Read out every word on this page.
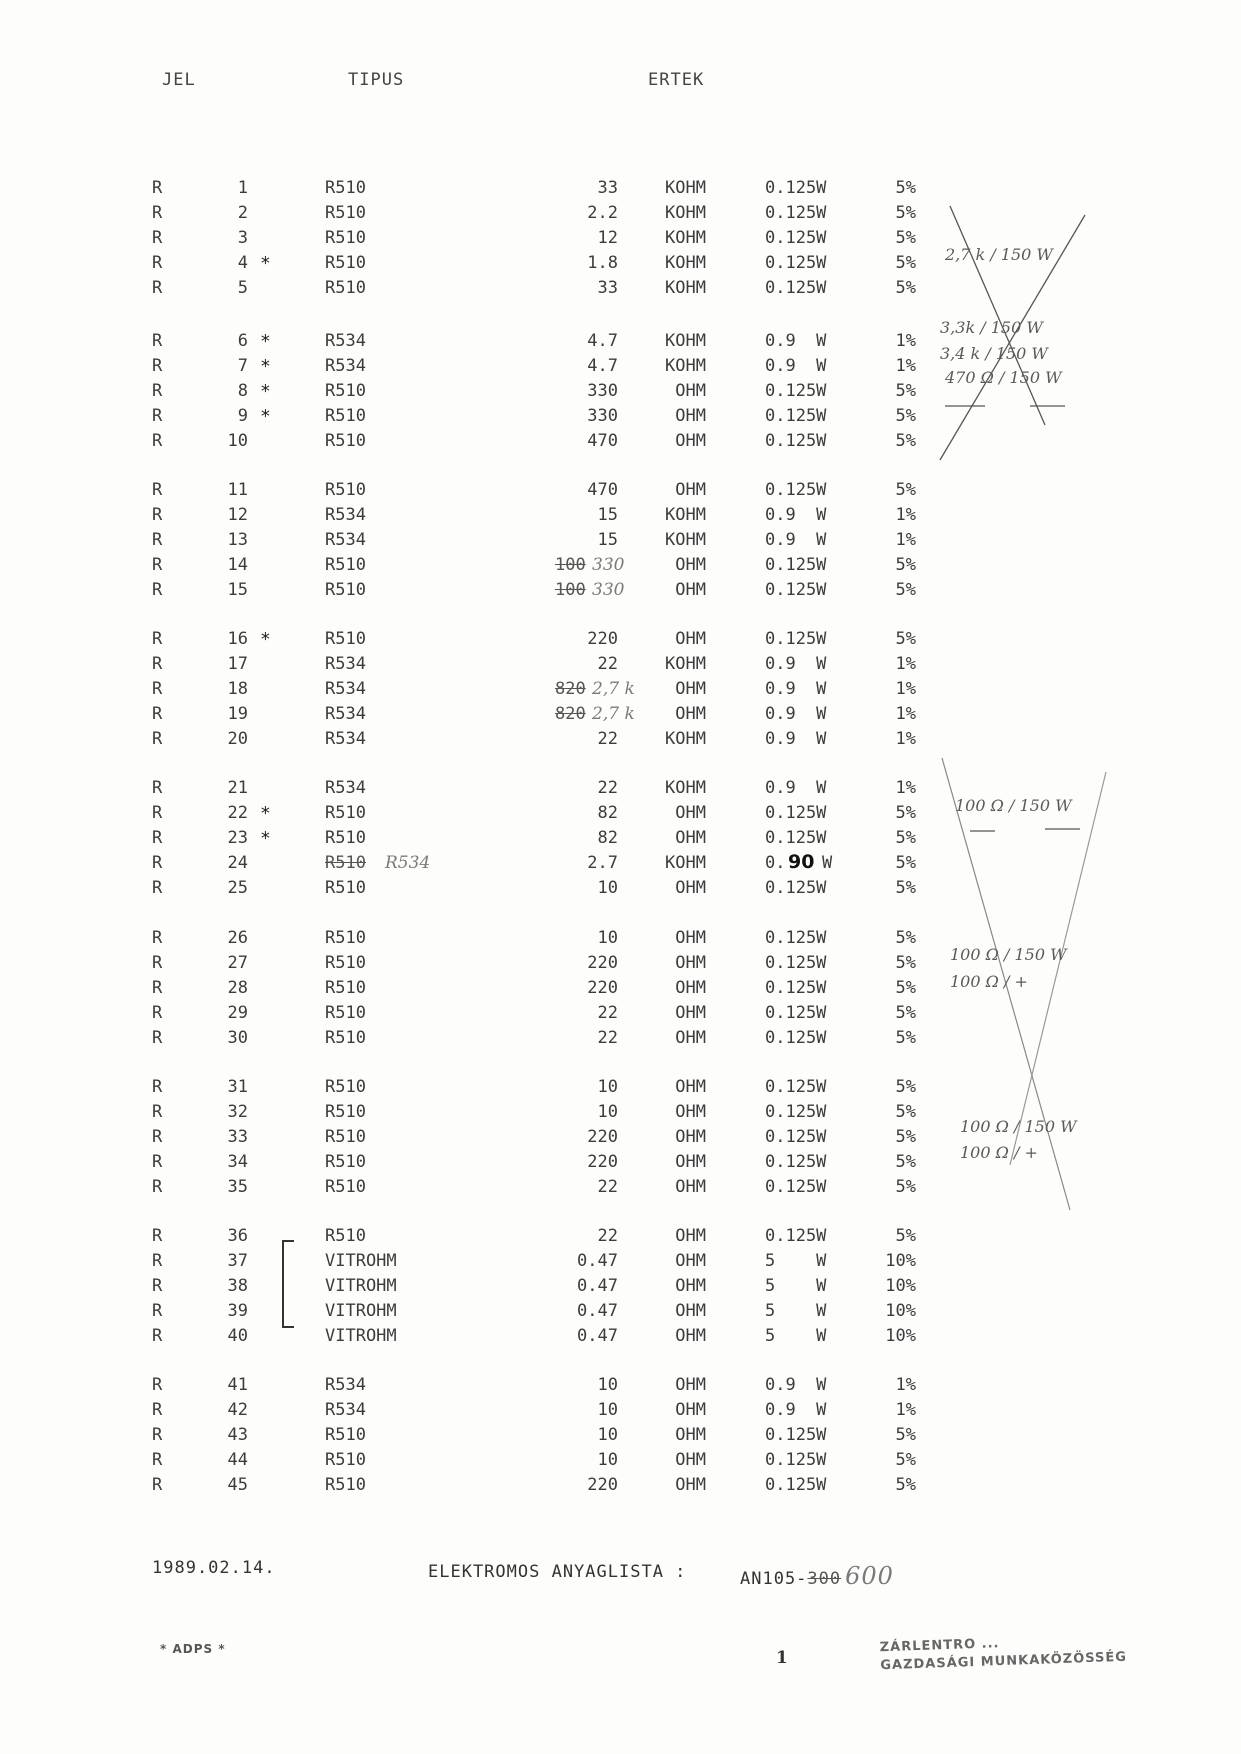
JEL	TIPUS	ERTEK
R	1	R510	33	KOHM	0.125W	5%
R	2	R510	2.2	KOHM	0.125W	5%
R	3	R510	12	KOHM	0.125W	5%
R	4 *	R510	1.8	KOHM	0.125W	5%
R	5	R510	33	KOHM	0.125W	5%
R	6 *	R534	4.7	KOHM	0.9  W	1%
R	7 *	R534	4.7	KOHM	0.9  W	1%
R	8 *	R510	330	OHM	0.125W	5%
R	9 *	R510	330	OHM	0.125W	5%
R	10	R510	470	OHM	0.125W	5%
R	11	R510	470	OHM	0.125W	5%
R	12	R534	15	KOHM	0.9  W	1%
R	13	R534	15	KOHM	0.9  W	1%
R	14	R510	100 330	OHM	0.125W	5%
R	15	R510	100 330	OHM	0.125W	5%
R	16 *	R510	220	OHM	0.125W	5%
R	17	R534	22	KOHM	0.9  W	1%
R	18	R534	820 2,7 k	OHM	0.9  W	1%
R	19	R534	820 2,7 k	OHM	0.9  W	1%
R	20	R534	22	KOHM	0.9  W	1%
R	21	R534	22	KOHM	0.9  W	1%
R	22 *	R510	82	OHM	0.125W	5%
R	23 *	R510	82	OHM	0.125W	5%
R	24	R510 R534	2.7	KOHM	0. 90 W	5%
R	25	R510	10	OHM	0.125W	5%
R	26	R510	10	OHM	0.125W	5%
R	27	R510	220	OHM	0.125W	5%
R	28	R510	220	OHM	0.125W	5%
R	29	R510	22	OHM	0.125W	5%
R	30	R510	22	OHM	0.125W	5%
R	31	R510	10	OHM	0.125W	5%
R	32	R510	10	OHM	0.125W	5%
R	33	R510	220	OHM	0.125W	5%
R	34	R510	220	OHM	0.125W	5%
R	35	R510	22	OHM	0.125W	5%
R	36	R510	22	OHM	0.125W	5%
R	37	VITROHM	0.47	OHM	5    W	10%
R	38	VITROHM	0.47	OHM	5    W	10%
R	39	VITROHM	0.47	OHM	5    W	10%
R	40	VITROHM	0.47	OHM	5    W	10%
R	41	R534	10	OHM	0.9  W	1%
R	42	R534	10	OHM	0.9  W	1%
R	43	R510	10	OHM	0.125W	5%
R	44	R510	10	OHM	0.125W	5%
R	45	R510	220	OHM	0.125W	5%
2,7 k / 150 W
3,3k / 150 W
3,4 k / 150 W
470 Ω / 150 W
100 Ω / 150 W
100 Ω / 150 W
100 Ω / +
100 Ω / 150 W
100 Ω / +
1989.02.14.	ELEKTROMOS ANYAGLISTA :	AN105-300 600
* ADPS *	1
ZÁRLENTRO ...
GAZDASÁGI MUNKAKÖZÖSSÉG
